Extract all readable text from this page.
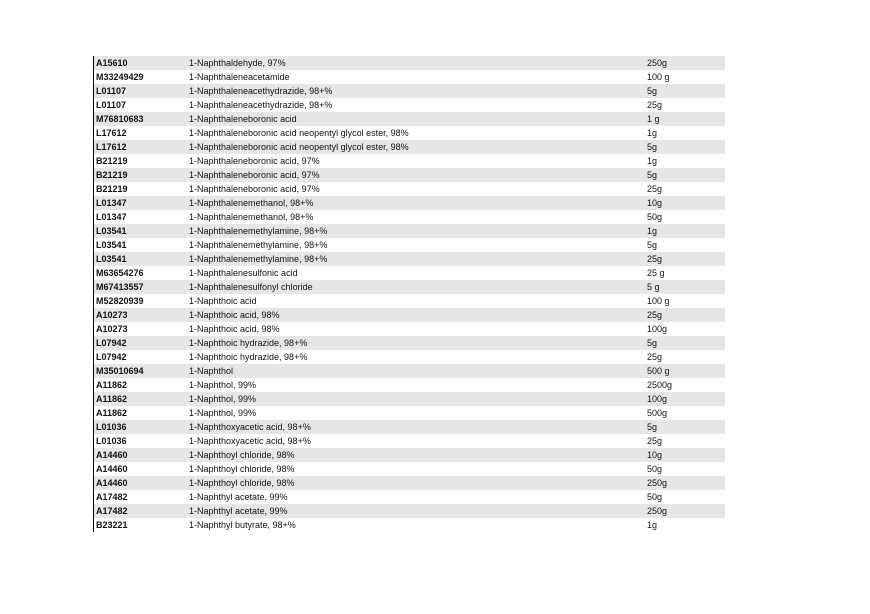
A15610	1-Naphthaldehyde, 97%	250g
M33249429	1-Naphthaleneacetamide	100 g
L01107	1-Naphthaleneacethydrazide, 98+%	5g
L01107	1-Naphthaleneacethydrazide, 98+%	25g
M76810683	1-Naphthaleneboronic acid	1 g
L17612	1-Naphthaleneboronic acid neopentyl glycol ester, 98%	1g
L17612	1-Naphthaleneboronic acid neopentyl glycol ester, 98%	5g
B21219	1-Naphthaleneboronic acid, 97%	1g
B21219	1-Naphthaleneboronic acid, 97%	5g
B21219	1-Naphthaleneboronic acid, 97%	25g
L01347	1-Naphthalenemethanol, 98+%	10g
L01347	1-Naphthalenemethanol, 98+%	50g
L03541	1-Naphthalenemethylamine, 98+%	1g
L03541	1-Naphthalenemethylamine, 98+%	5g
L03541	1-Naphthalenemethylamine, 98+%	25g
M63654276	1-Naphthalenesulfonic acid	25 g
M67413557	1-Naphthalenesulfonyl chloride	5 g
M52820939	1-Naphthoic acid	100 g
A10273	1-Naphthoic acid, 98%	25g
A10273	1-Naphthoic acid, 98%	100g
L07942	1-Naphthoic hydrazide, 98+%	5g
L07942	1-Naphthoic hydrazide, 98+%	25g
M35010694	1-Naphthol	500 g
A11862	1-Naphthol, 99%	2500g
A11862	1-Naphthol, 99%	100g
A11862	1-Naphthol, 99%	500g
L01036	1-Naphthoxyacetic acid, 98+%	5g
L01036	1-Naphthoxyacetic acid, 98+%	25g
A14460	1-Naphthoyl chloride, 98%	10g
A14460	1-Naphthoyl chloride, 98%	50g
A14460	1-Naphthoyl chloride, 98%	250g
A17482	1-Naphthyl acetate, 99%	50g
A17482	1-Naphthyl acetate, 99%	250g
B23221	1-Naphthyl butyrate, 98+%	1g
